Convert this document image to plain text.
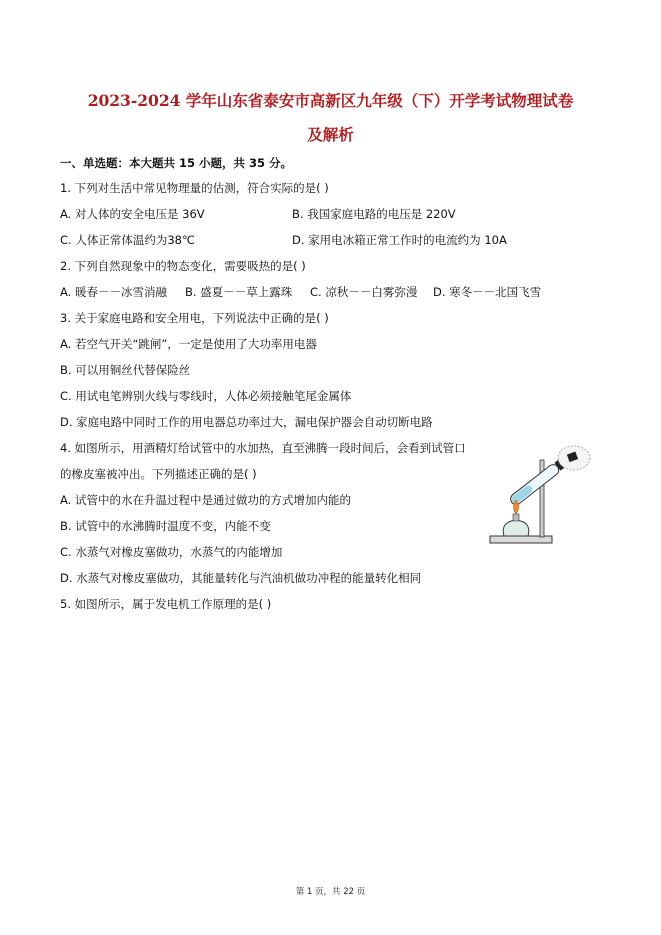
2023-2024 学年山东省泰安市高新区九年级（下）开学考试物理试卷
及解析
一、单选题：本大题共 15 小题，共 35 分。
1. 下列对生活中常见物理量的估测，符合实际的是( )
A. 对人体的安全电压是 36V	B. 我国家庭电路的电压是 220V
C. 人体正常体温约为38℃	D. 家用电冰箱正常工作时的电流约为 10A
2. 下列自然现象中的物态变化，需要吸热的是( )
A. 暖春－－冰雪消融 B. 盛夏－－草上露珠 C. 凉秋－－白雾弥漫 D. 寒冬－－北国飞雪
3. 关于家庭电路和安全用电，下列说法中正确的是( )
A. 若空气开关“跳闸”，一定是使用了大功率用电器
B. 可以用铜丝代替保险丝
C. 用试电笔辨别火线与零线时，人体必须接触笔尾金属体
D. 家庭电路中同时工作的用电器总功率过大，漏电保护器会自动切断电路
4. 如图所示，用酒精灯给试管中的水加热，直至沸腾一段时间后，会看到试管口
的橡皮塞被冲出。下列描述正确的是( )
A. 试管中的水在升温过程中是通过做功的方式增加内能的
B. 试管中的水沸腾时温度不变，内能不变
C. 水蒸气对橡皮塞做功，水蒸气的内能增加
D. 水蒸气对橡皮塞做功，其能量转化与汽油机做功冲程的能量转化相同
5. 如图所示，属于发电机工作原理的是( )
第 1 页，共 22 页
